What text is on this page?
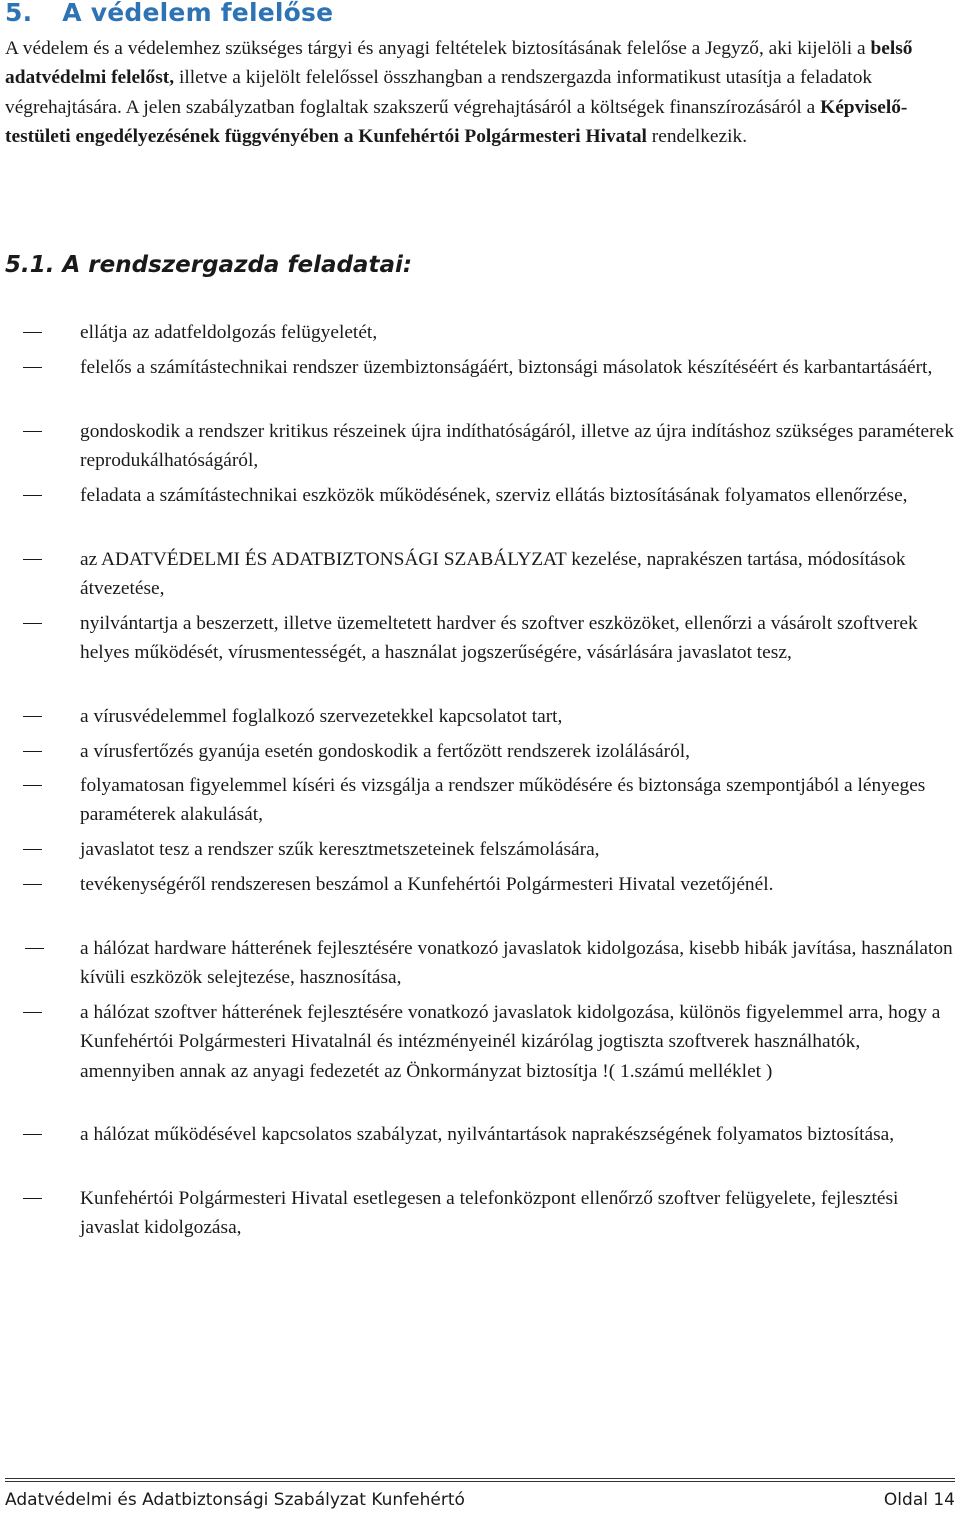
5. A védelem felelőse
A védelem és a védelemhez szükséges tárgyi és anyagi feltételek biztosításának felelőse a Jegyző, aki kijelöli a belső adatvédelmi felelőst, illetve a kijelölt felelőssel összhangban a rendszergazda informatikust utasítja a feladatok végrehajtására. A jelen szabályzatban foglaltak szakszerű végrehajtásáról a költségek finanszírozásáról a Képviselő-testületi engedélyezésének függvényében a Kunfehértói Polgármesteri Hivatal rendelkezik.
5.1. A rendszergazda feladatai:
ellátja az adatfeldolgozás felügyeletét,
felelős a számítástechnikai rendszer üzembiztonságáért, biztonsági másolatok készítéséért és karbantartásáért,
gondoskodik a rendszer kritikus részeinek újra indíthatóságáról, illetve az újra indításhoz szükséges paraméterek reprodukálhatóságáról,
feladata a számítástechnikai eszközök működésének, szerviz ellátás biztosításának folyamatos ellenőrzése,
az ADATVÉDELMI ÉS ADATBIZTONSÁGI SZABÁLYZAT kezelése, naprakészen tartása, módosítások átvezetése,
nyilvántartja a beszerzett, illetve üzemeltetett hardver és szoftver eszközöket, ellenőrzi a vásárolt szoftverek helyes működését, vírusmentességét, a használat jogszerűségére, vásárlására javaslatot tesz,
a vírusvédelemmel foglalkozó szervezetekkel kapcsolatot tart,
a vírusfertőzés gyanúja esetén gondoskodik a fertőzött rendszerek izolálásáról,
folyamatosan figyelemmel kíséri és vizsgálja a rendszer működésére és biztonsága szempontjából a lényeges paraméterek alakulását,
javaslatot tesz a rendszer szűk keresztmetszeteinek felszámolására,
tevékenységéről rendszeresen beszámol a Kunfehértói Polgármesteri Hivatal vezetőjénél.
a hálózat hardware hátterének fejlesztésére vonatkozó javaslatok kidolgozása, kisebb hibák javítása, használaton kívüli eszközök selejtezése, hasznosítása,
a hálózat szoftver hátterének fejlesztésére vonatkozó javaslatok kidolgozása, különös figyelemmel arra, hogy a Kunfehértói Polgármesteri Hivatalnál és intézményeinél kizárólag jogtiszta szoftverek használhatók, amennyiben annak az anyagi fedezetét az Önkormányzat biztosítja !( 1.számú melléklet )
a hálózat működésével kapcsolatos szabályzat, nyilvántartások naprakészségének folyamatos biztosítása,
Kunfehértói Polgármesteri Hivatal esetlegesen a telefonközpont ellenőrző szoftver felügyelete, fejlesztési javaslat kidolgozása,
Adatvédelmi és Adatbiztonsági Szabályzat Kunfehértó	Oldal 14
